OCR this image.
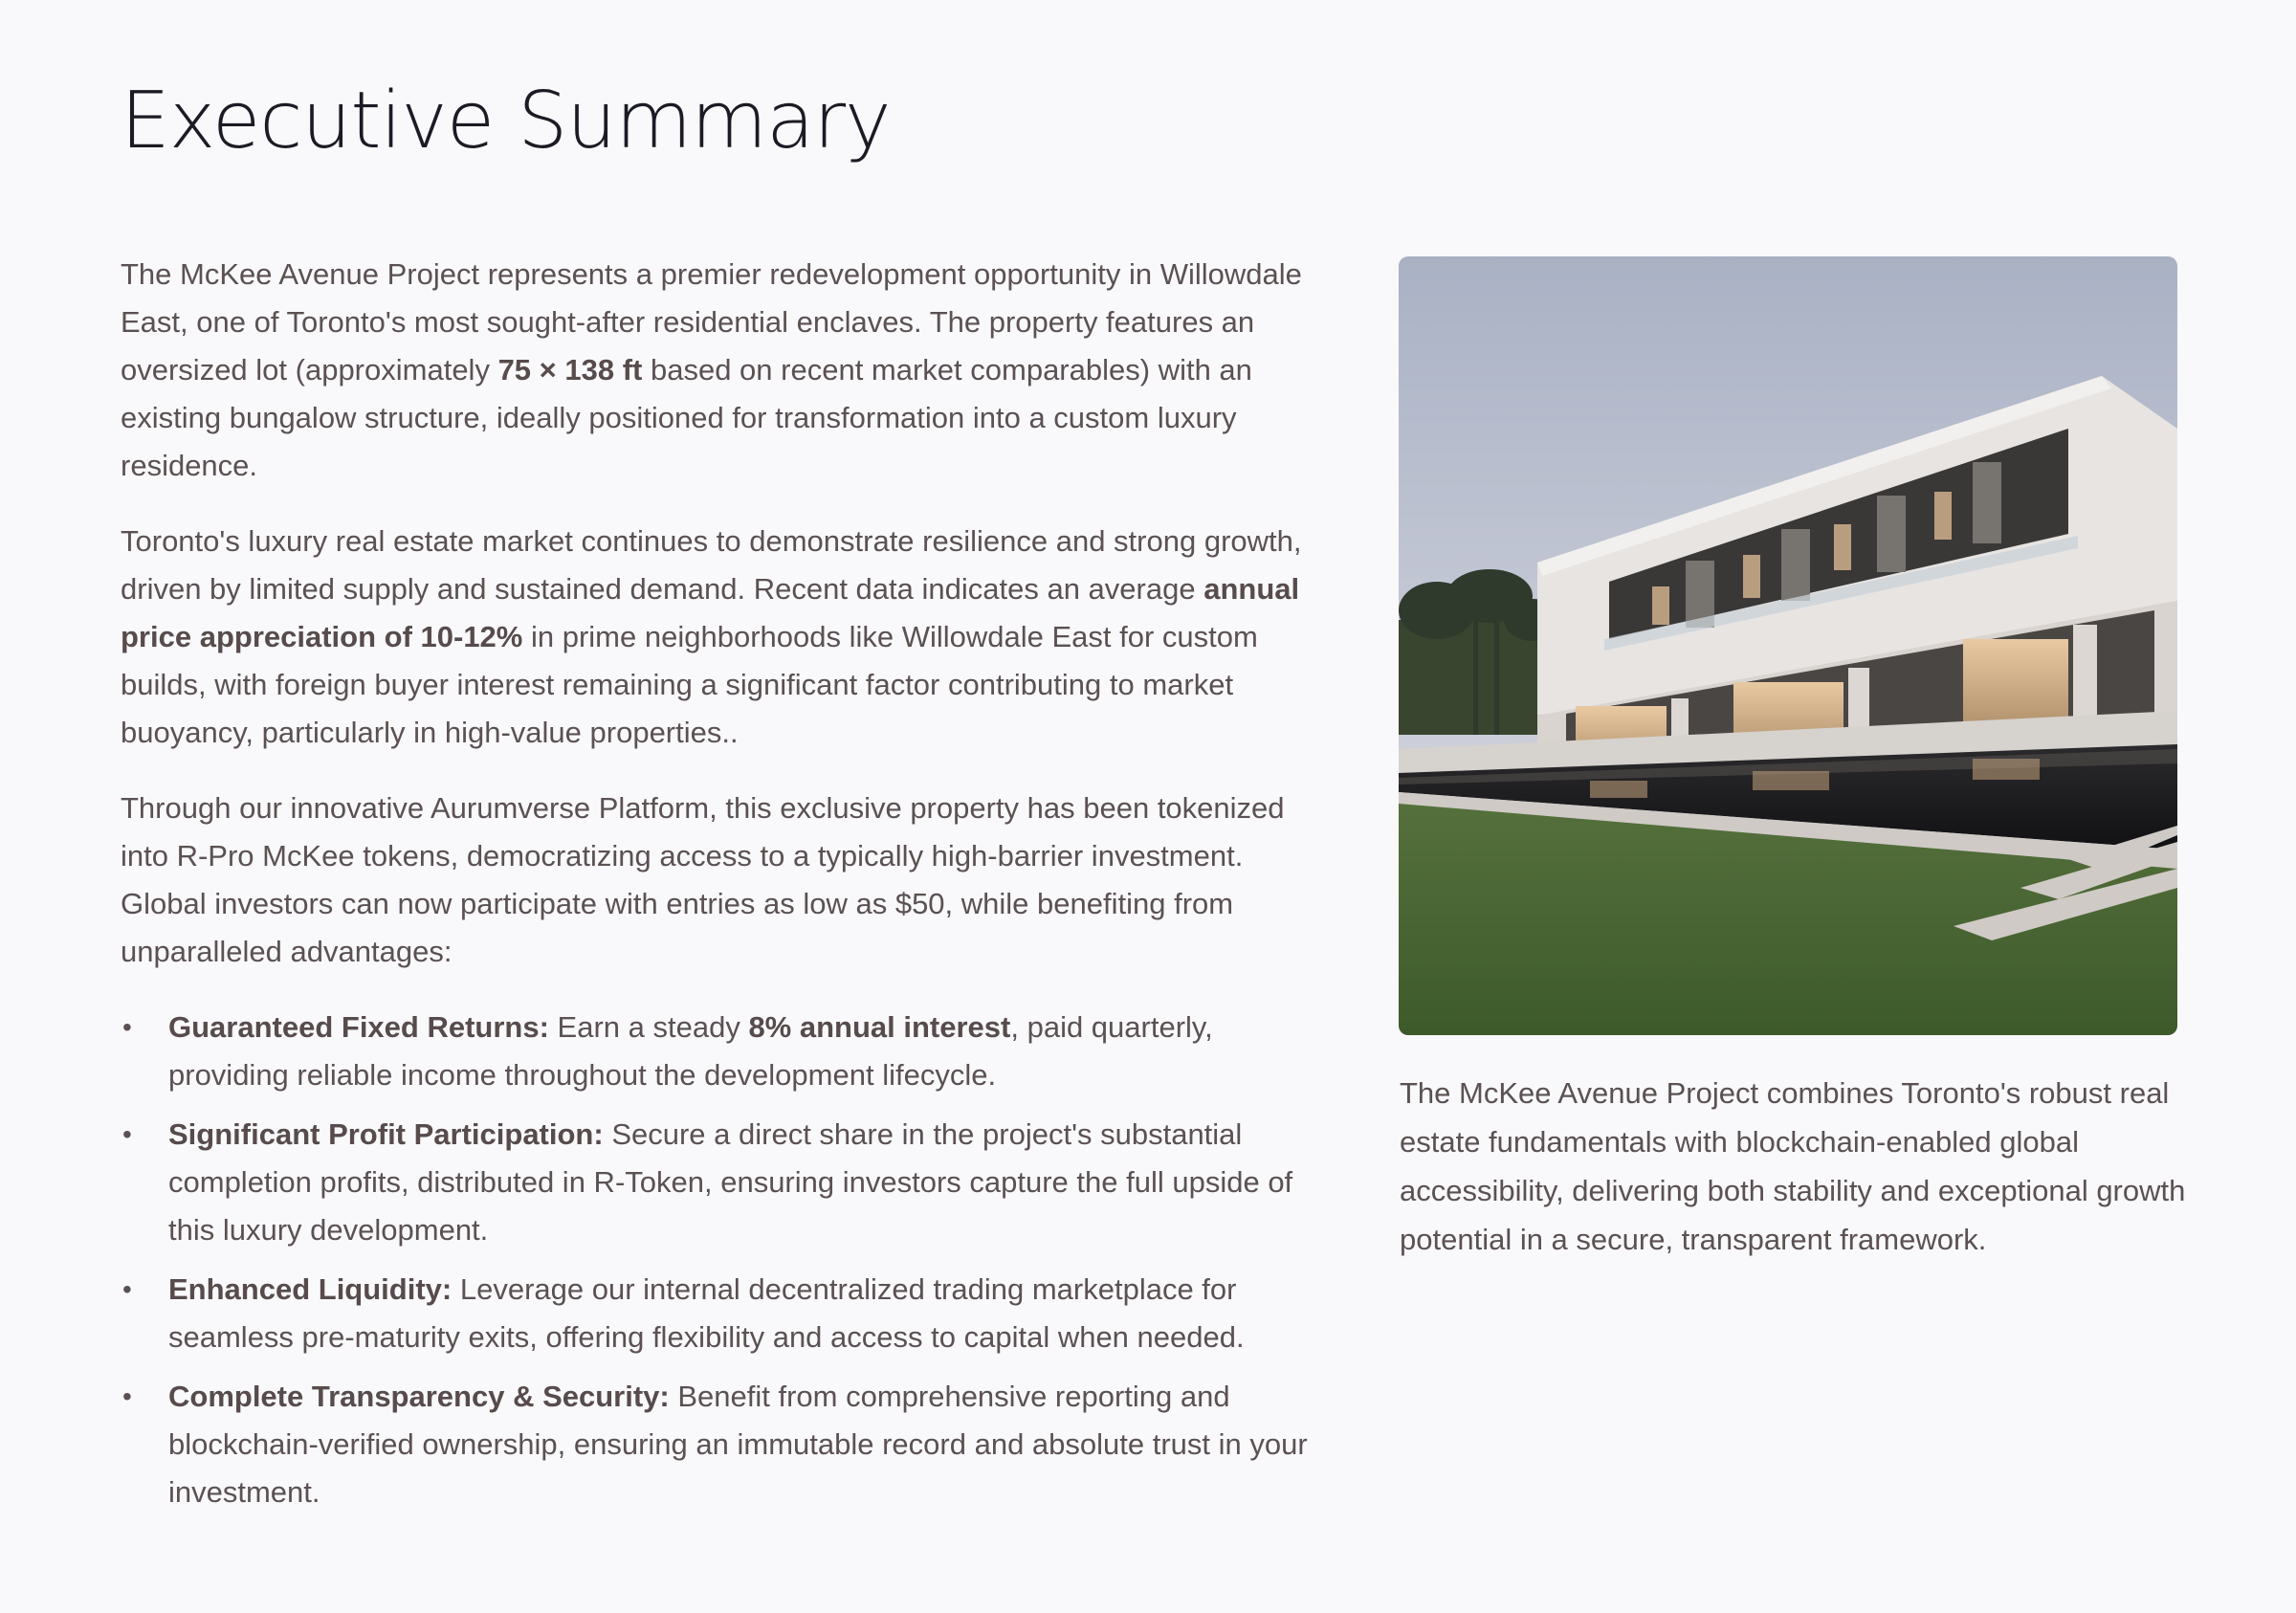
Executive Summary

The McKee Avenue Project represents a premier redevelopment opportunity in Willowdale East, one of Toronto's most sought-after residential enclaves. The property features an oversized lot (approximately 75 × 138 ft based on recent market comparables) with an existing bungalow structure, ideally positioned for transformation into a custom luxury residence.

Toronto's luxury real estate market continues to demonstrate resilience and strong growth, driven by limited supply and sustained demand. Recent data indicates an average annual price appreciation of 10-12% in prime neighborhoods like Willowdale East for custom builds, with foreign buyer interest remaining a significant factor contributing to market buoyancy, particularly in high-value properties..

Through our innovative Aurumverse Platform, this exclusive property has been tokenized into R-Pro McKee tokens, democratizing access to a typically high-barrier investment. Global investors can now participate with entries as low as $50, while benefiting from unparalleled advantages:

• Guaranteed Fixed Returns: Earn a steady 8% annual interest, paid quarterly, providing reliable income throughout the development lifecycle.
• Significant Profit Participation: Secure a direct share in the project's substantial completion profits, distributed in R-Token, ensuring investors capture the full upside of this luxury development.
• Enhanced Liquidity: Leverage our internal decentralized trading marketplace for seamless pre-maturity exits, offering flexibility and access to capital when needed.
• Complete Transparency & Security: Benefit from comprehensive reporting and blockchain-verified ownership, ensuring an immutable record and absolute trust in your investment.

The McKee Avenue Project combines Toronto's robust real estate fundamentals with blockchain-enabled global accessibility, delivering both stability and exceptional growth potential in a secure, transparent framework.
